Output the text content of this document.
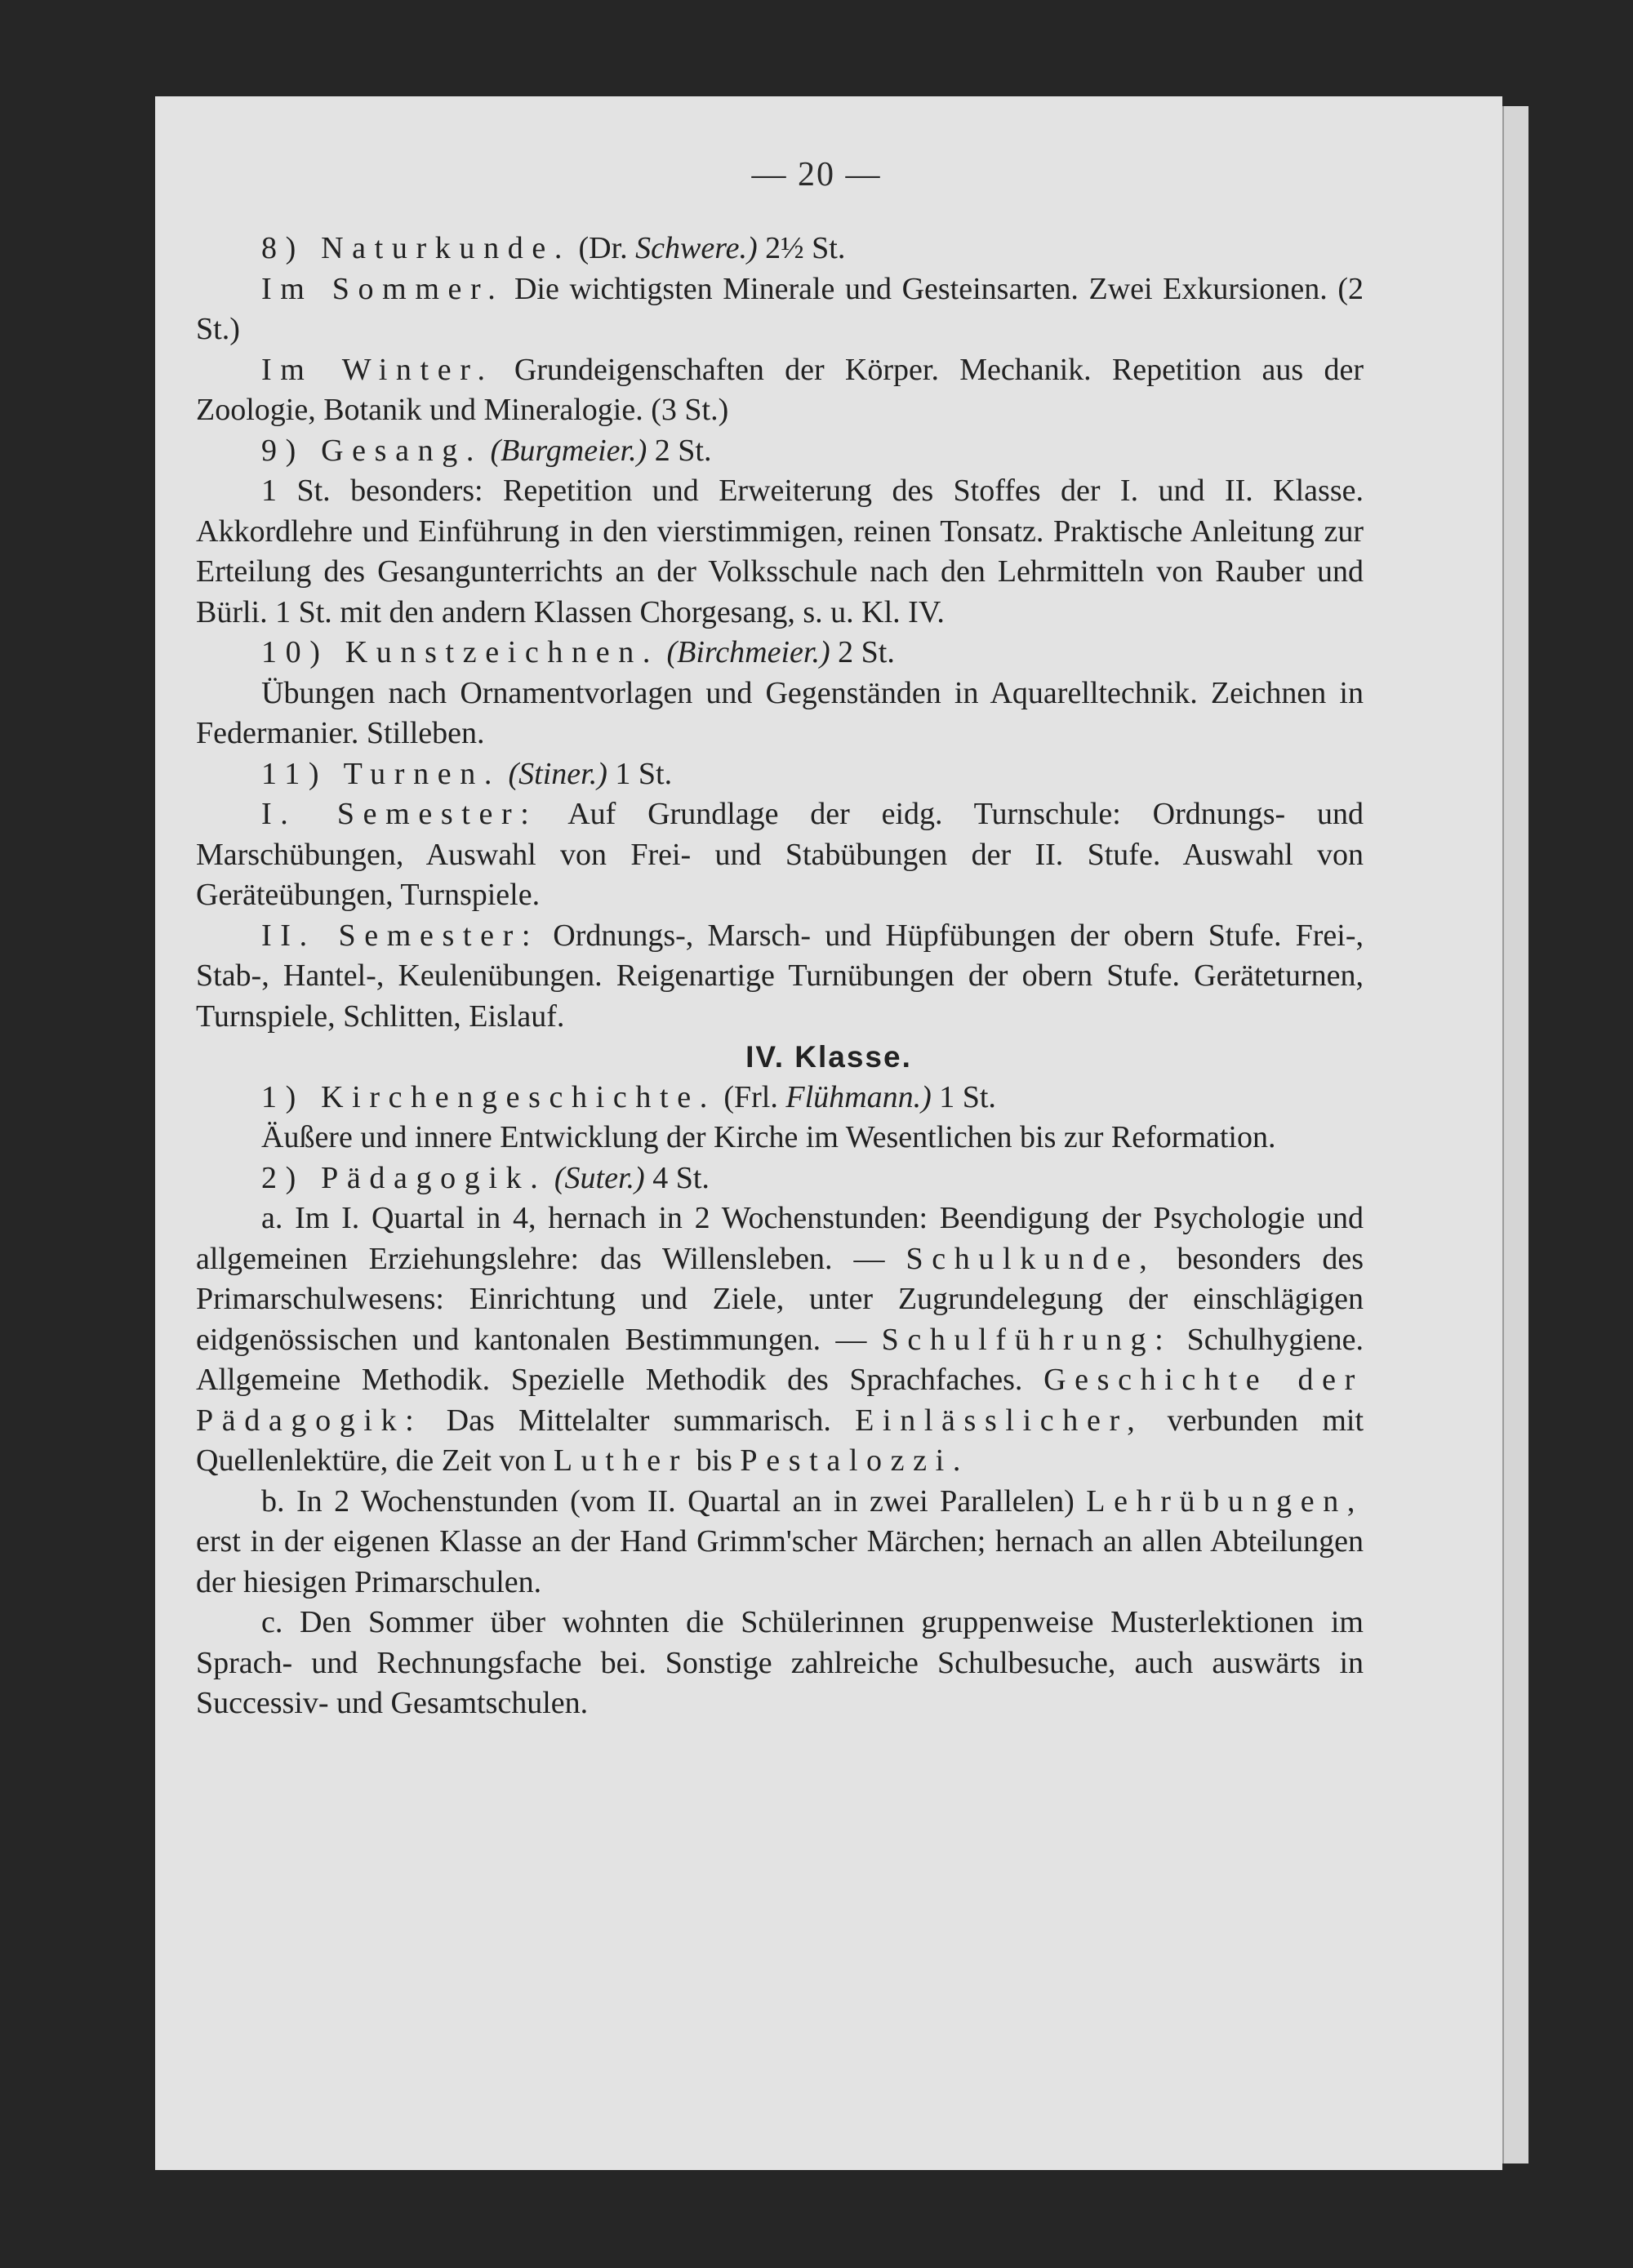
— 20 —

8) Naturkunde. (Dr. Schwere.) 2½ St.

Im Sommer. Die wichtigsten Minerale und Gesteinsarten. Zwei Exkursionen. (2 St.)

Im Winter. Grundeigenschaften der Körper. Mechanik. Repetition aus der Zoologie, Botanik und Mineralogie. (3 St.)

9) Gesang. (Burgmeier.) 2 St.

1 St. besonders: Repetition und Erweiterung des Stoffes der I. und II. Klasse. Akkordlehre und Einführung in den vierstimmigen, reinen Tonsatz. Praktische Anleitung zur Erteilung des Gesangunterrichts an der Volksschule nach den Lehrmitteln von Rauber und Bürli. 1 St. mit den andern Klassen Chorgesang, s. u. Kl. IV.

10) Kunstzeichnen. (Birchmeier.) 2 St.

Übungen nach Ornamentvorlagen und Gegenständen in Aquarelltechnik. Zeichnen in Federmanier. Stilleben.

11) Turnen. (Stiner.) 1 St.

I. Semester: Auf Grundlage der eidg. Turnschule: Ordnungs- und Marschübungen, Auswahl von Frei- und Stabübungen der II. Stufe. Auswahl von Geräteübungen, Turnspiele.

II. Semester: Ordnungs-, Marsch- und Hüpfübungen der obern Stufe. Frei-, Stab-, Hantel-, Keulenübungen. Reigenartige Turnübungen der obern Stufe. Geräteturnen, Turnspiele, Schlitten, Eislauf.

IV. Klasse.

1) Kirchengeschichte. (Frl. Flühmann.) 1 St.

Äußere und innere Entwicklung der Kirche im Wesentlichen bis zur Reformation.

2) Pädagogik. (Suter.) 4 St.

a. Im I. Quartal in 4, hernach in 2 Wochenstunden: Beendigung der Psychologie und allgemeinen Erziehungslehre: das Willensleben. — Schulkunde, besonders des Primarschulwesens: Einrichtung und Ziele, unter Zugrundelegung der einschlägigen eidgenössischen und kantonalen Bestimmungen. — Schulführung: Schulhygiene. Allgemeine Methodik. Spezielle Methodik des Sprachfaches. Geschichte der Pädagogik: Das Mittelalter summarisch. Einlässlicher, verbunden mit Quellenlektüre, die Zeit von Luther bis Pestalozzi.

b. In 2 Wochenstunden (vom II. Quartal an in zwei Parallelen) Lehrübungen, erst in der eigenen Klasse an der Hand Grimm'scher Märchen; hernach an allen Abteilungen der hiesigen Primarschulen.

c. Den Sommer über wohnten die Schülerinnen gruppenweise Musterlektionen im Sprach- und Rechnungsfache bei. Sonstige zahlreiche Schulbesuche, auch auswärts in Successiv- und Gesamtschulen.
